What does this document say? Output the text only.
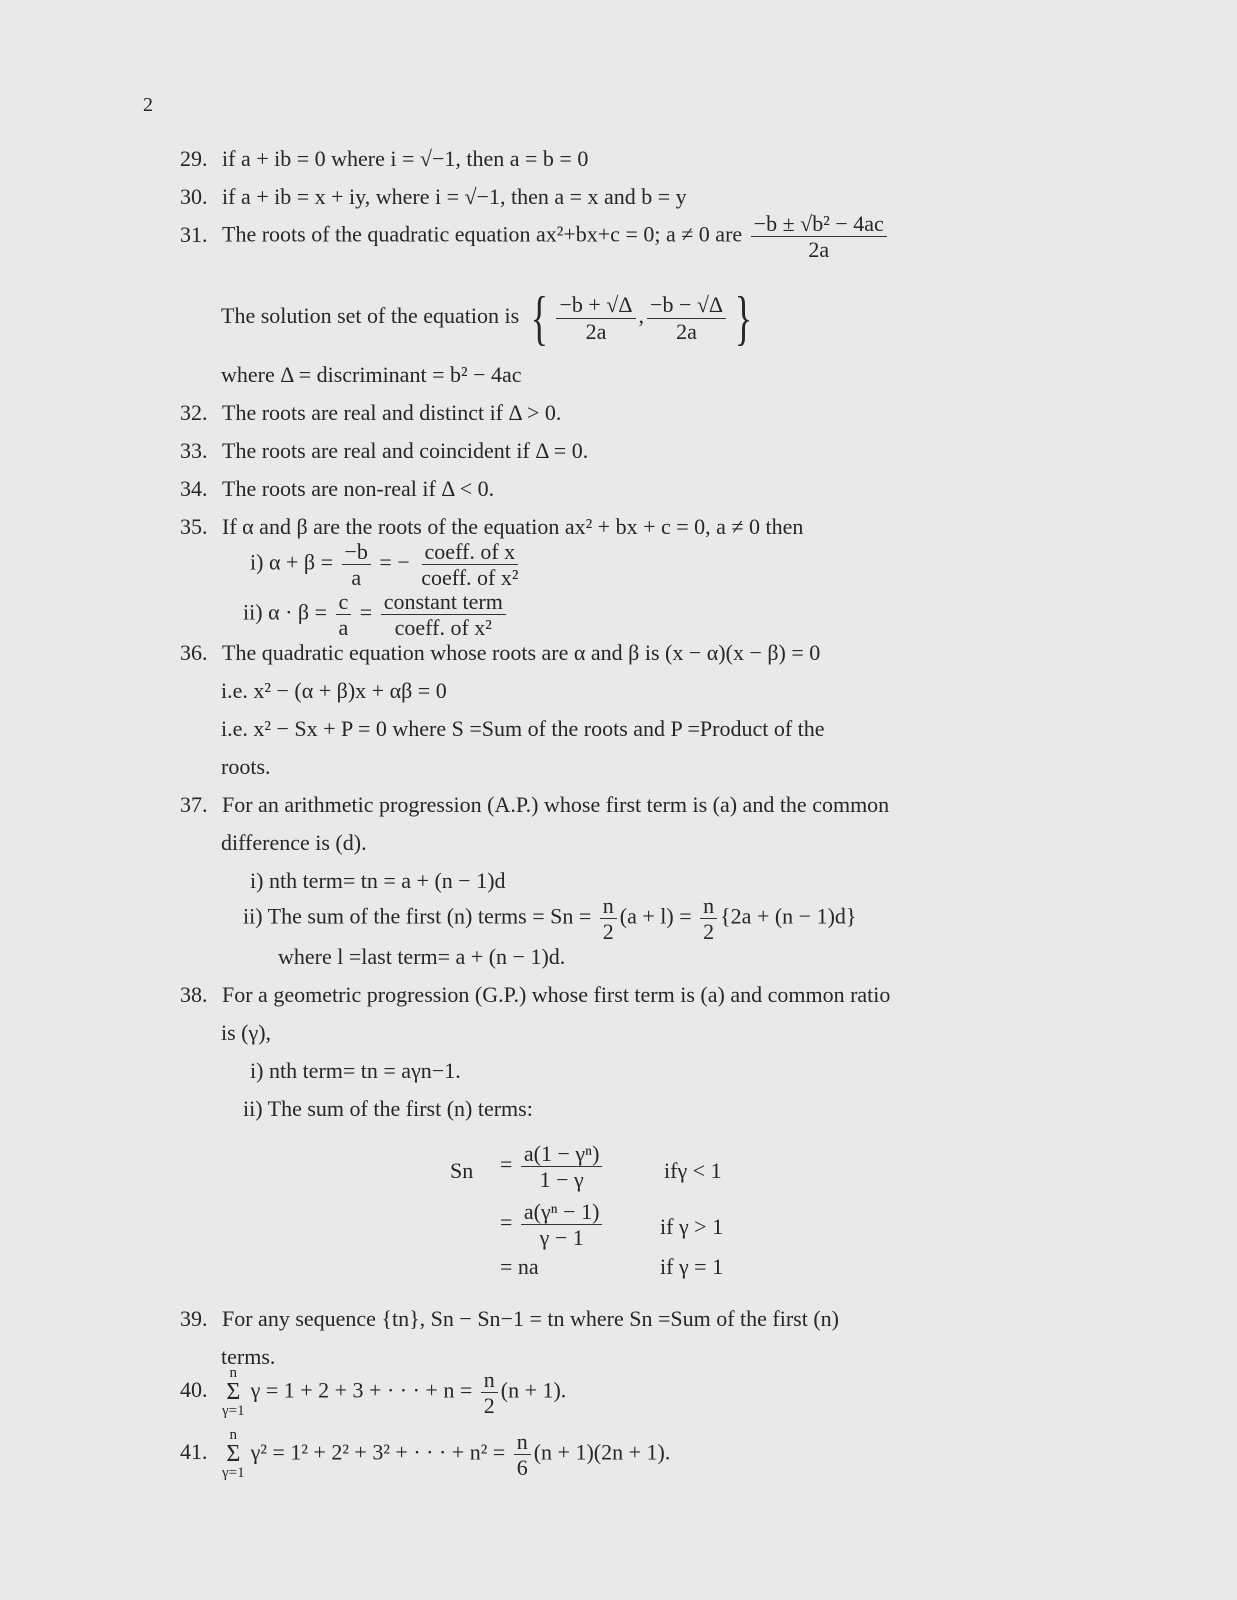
2
29. if a + ib = 0 where i = √−1, then a = b = 0
30. if a + ib = x + iy, where i = √−1, then a = x and b = y
31. The roots of the quadratic equation ax²+bx+c = 0; a ≠ 0 are $\frac{\text{−b ± √b² − 4ac}}{2a}$
The solution set of the equation is { $\frac{-b + √\Delta}{2a}$ , $\frac{-b - √\Delta}{2a}$ }
where Δ = discriminant = b² − 4ac
32. The roots are real and distinct if Δ > 0.
33. The roots are real and coincident if Δ = 0.
34. The roots are non-real if Δ < 0.
35. If α and β are the roots of the equation ax² + bx + c = 0, a ≠ 0 then
i) $\alpha + \beta = \frac{-b}{a}$ = − $\frac{\text{coeff. of x}}{\text{coeff. of x²}}$
ii) $\alpha \cdot \beta = \frac{c}{a} = \frac{\text{constant term}}{\text{coeff. of x²}}$
36. The quadratic equation whose roots are α and β is (x − α)(x − β) = 0
i.e. x² − (α + β)x + αβ = 0
i.e. x² − Sx + P = 0 where S =Sum of the roots and P =Product of the
roots.
37. For an arithmetic progression (A.P.) whose first term is (a) and the common
difference is (d).
i) nth term= tn = a + (n − 1)d
ii) The sum of the first (n) terms = $Sn = \frac{n}{2} (a + l) = \frac{n}{2} \{2a + (n - 1)d\}$
where l =last term= a + (n − 1)d.
38. For a geometric progression (G.P.) whose first term is (a) and common ratio
is (γ),
i) nth term= tn = aγn−1.
ii) The sum of the first (n) terms:
$Sn = \frac{\text{a(1 − γⁿ)}}{1 - \gamma}$	ifγ < 1
= $\frac{\text{a(γⁿ − 1)}}{\gamma - 1}$	if γ > 1
= na	if γ = 1
39. For any sequence {tn}, Sn − Sn−1 = tn where Sn =Sum of the first (n)
terms.
40.
n
Σ
γ=1
γ = 1 + 2 + 3 + · · · + $n = \frac{n}{2} (n + 1)$.
41.
n
Σ
γ=1
γ² = 1² + 2² + 3² + · · · + $n^2 = \frac{n}{6} (n + 1)(2n + 1)$.
